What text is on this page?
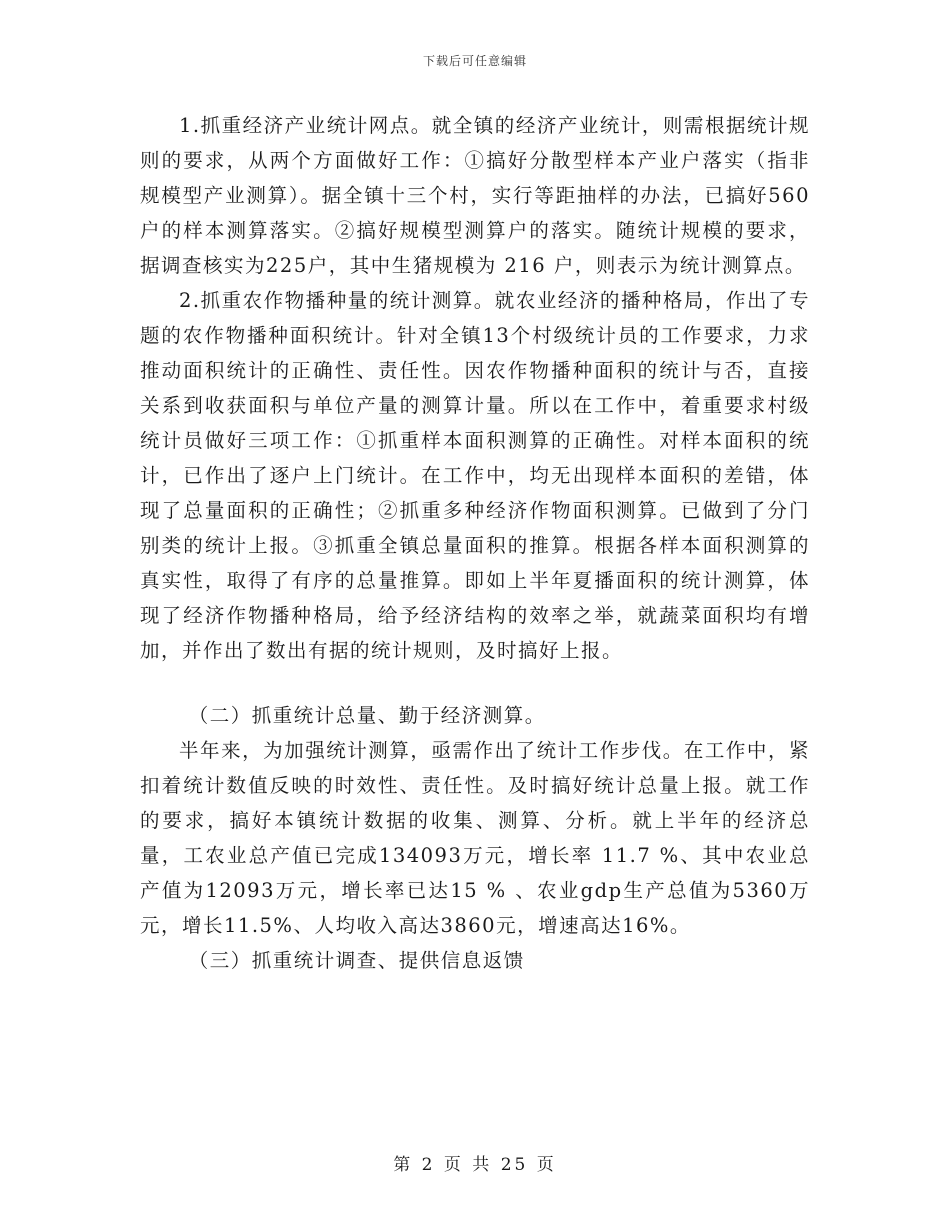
下载后可任意编辑

1.抓重经济产业统计网点。就全镇的经济产业统计，则需根据统计规则的要求，从两个方面做好工作：①搞好分散型样本产业户落实（指非规模型产业测算）。据全镇十三个村，实行等距抽样的办法，已搞好560户的样本测算落实。②搞好规模型测算户的落实。随统计规模的要求，据调查核实为225户，其中生猪规模为 216 户，则表示为统计测算点。

2.抓重农作物播种量的统计测算。就农业经济的播种格局，作出了专题的农作物播种面积统计。针对全镇13个村级统计员的工作要求，力求推动面积统计的正确性、责任性。因农作物播种面积的统计与否，直接关系到收获面积与单位产量的测算计量。所以在工作中，着重要求村级统计员做好三项工作：①抓重样本面积测算的正确性。对样本面积的统计，已作出了逐户上门统计。在工作中，均无出现样本面积的差错，体现了总量面积的正确性；②抓重多种经济作物面积测算。已做到了分门别类的统计上报。③抓重全镇总量面积的推算。根据各样本面积测算的真实性，取得了有序的总量推算。即如上半年夏播面积的统计测算，体现了经济作物播种格局，给予经济结构的效率之举，就蔬菜面积均有增加，并作出了数出有据的统计规则，及时搞好上报。

（二）抓重统计总量、勤于经济测算。

半年来，为加强统计测算，亟需作出了统计工作步伐。在工作中，紧扣着统计数值反映的时效性、责任性。及时搞好统计总量上报。就工作的要求，搞好本镇统计数据的收集、测算、分析。就上半年的经济总量，工农业总产值已完成134093万元，增长率 11.7 %、其中农业总产值为12093万元，增长率已达15 % 、农业gdp生产总值为5360万元，增长11.5%、人均收入高达3860元，增速高达16%。

（三）抓重统计调查、提供信息返馈

第 2 页 共 25 页
